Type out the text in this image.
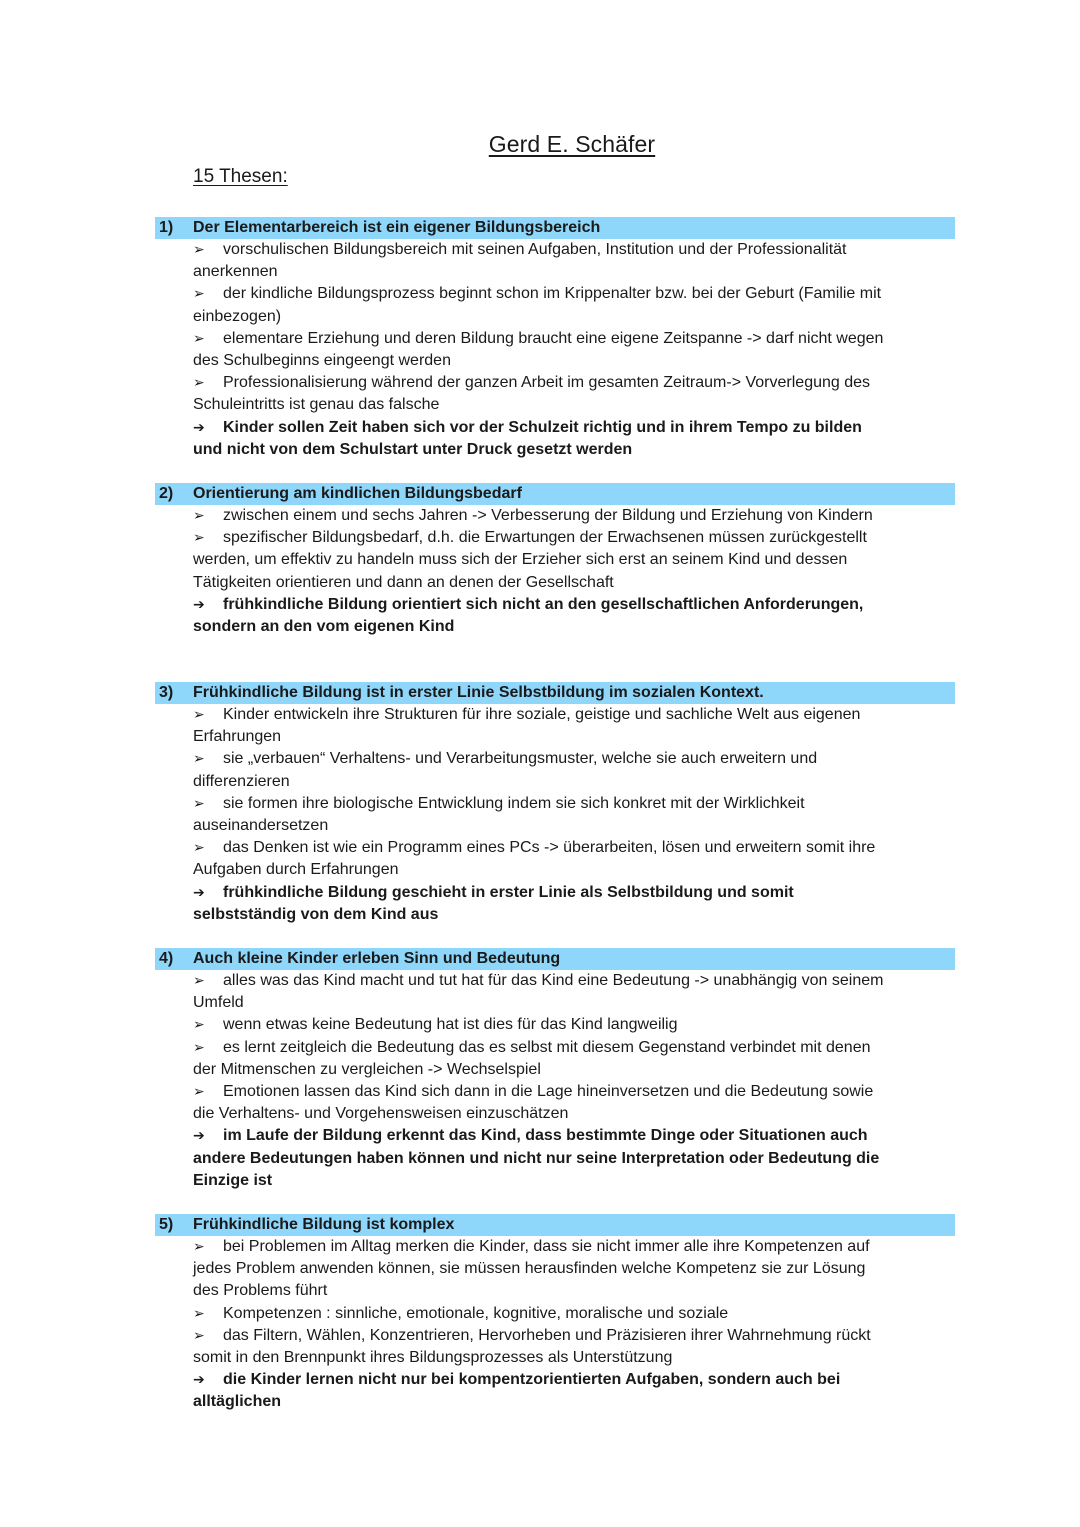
Gerd E. Schäfer
15 Thesen:
1) Der Elementarbereich ist ein eigener Bildungsbereich
➢ vorschulischen Bildungsbereich mit seinen Aufgaben, Institution und der Professionalität anerkennen
➢ der kindliche Bildungsprozess beginnt schon im Krippenalter bzw. bei der Geburt (Familie mit einbezogen)
➢ elementare Erziehung und deren Bildung braucht eine eigene Zeitspanne -> darf nicht wegen des Schulbeginns eingeengt werden
➢ Professionalisierung während der ganzen Arbeit im gesamten Zeitraum-> Vorverlegung des Schuleintritts ist genau das falsche
➔ Kinder sollen Zeit haben sich vor der Schulzeit richtig und in ihrem Tempo zu bilden und nicht von dem Schulstart unter Druck gesetzt werden
2) Orientierung am kindlichen Bildungsbedarf
➢ zwischen einem und sechs Jahren -> Verbesserung der Bildung und Erziehung von Kindern
➢ spezifischer Bildungsbedarf, d.h. die Erwartungen der Erwachsenen müssen zurückgestellt werden, um effektiv zu handeln muss sich der Erzieher sich erst an seinem Kind und dessen Tätigkeiten orientieren und dann an denen der Gesellschaft
➔ frühkindliche Bildung orientiert sich nicht an den gesellschaftlichen Anforderungen, sondern an den vom eigenen Kind
3) Frühkindliche Bildung ist in erster Linie Selbstbildung im sozialen Kontext.
➢ Kinder entwickeln ihre Strukturen für ihre soziale, geistige und sachliche Welt aus eigenen Erfahrungen
➢ sie „verbauen“ Verhaltens- und Verarbeitungsmuster, welche sie auch erweitern und differenzieren
➢ sie formen ihre biologische Entwicklung indem sie sich konkret mit der Wirklichkeit auseinandersetzen
➢ das Denken ist wie ein Programm eines PCs -> überarbeiten, lösen und erweitern somit ihre Aufgaben durch Erfahrungen
➔ frühkindliche Bildung geschieht in erster Linie als Selbstbildung und somit selbstständig von dem Kind aus
4) Auch kleine Kinder erleben Sinn und Bedeutung
➢ alles was das Kind macht und tut hat für das Kind eine Bedeutung -> unabhängig von seinem Umfeld
➢ wenn etwas keine Bedeutung hat ist dies für das Kind langweilig
➢ es lernt zeitgleich die Bedeutung das es selbst mit diesem Gegenstand verbindet mit denen der Mitmenschen zu vergleichen -> Wechselspiel
➢ Emotionen lassen das Kind sich dann in die Lage hineinversetzen und die Bedeutung sowie die Verhaltens- und Vorgehensweisen einzuschätzen
➔ im Laufe der Bildung erkennt das Kind, dass bestimmte Dinge oder Situationen auch andere Bedeutungen haben können und nicht nur seine Interpretation oder Bedeutung die Einzige ist
5) Frühkindliche Bildung ist komplex
➢ bei Problemen im Alltag merken die Kinder, dass sie nicht immer alle ihre Kompetenzen auf jedes Problem anwenden können, sie müssen herausfinden welche Kompetenz sie zur Lösung des Problems führt
➢ Kompetenzen : sinnliche, emotionale, kognitive, moralische und soziale
➢ das Filtern, Wählen, Konzentrieren, Hervorheben und Präzisieren ihrer Wahrnehmung rückt somit in den Brennpunkt ihres Bildungsprozesses als Unterstützung
➔ die Kinder lernen nicht nur bei kompentzorientierten Aufgaben, sondern auch bei alltäglichen
